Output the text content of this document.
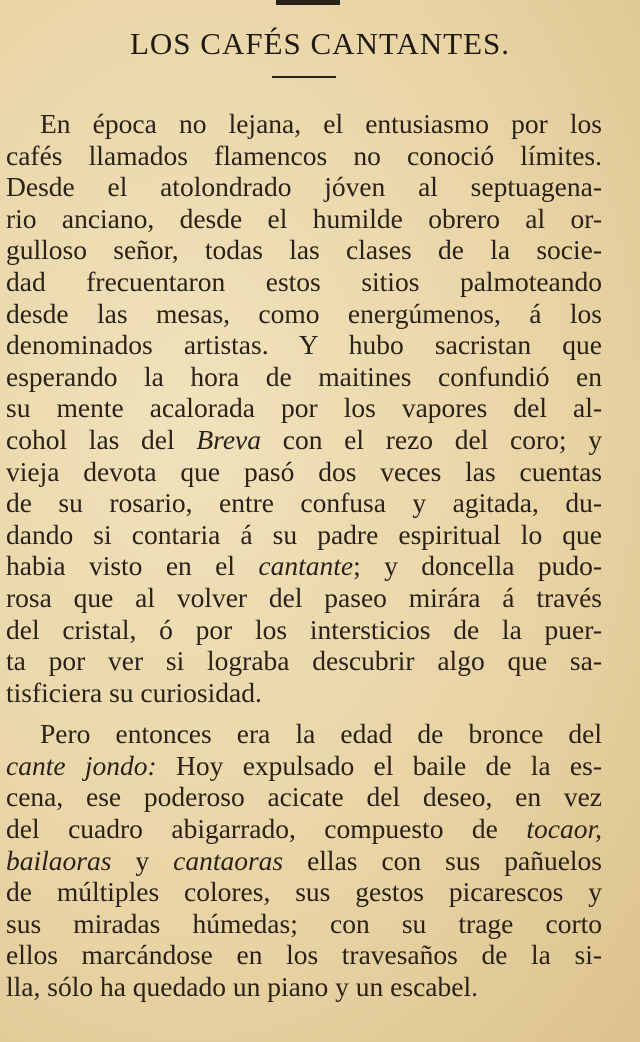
LOS CAFÉS CANTANTES.
En época no lejana, el entusiasmo por los
cafés llamados flamencos no conoció límites.
Desde el atolondrado jóven al septuagena-
rio anciano, desde el humilde obrero al or-
gulloso señor, todas las clases de la socie-
dad frecuentaron estos sitios palmoteando
desde las mesas, como energúmenos, á los
denominados artistas. Y hubo sacristan que
esperando la hora de maitines confundió en
su mente acalorada por los vapores del al-
cohol las del Breva con el rezo del coro; y
vieja devota que pasó dos veces las cuentas
de su rosario, entre confusa y agitada, du-
dando si contaria á su padre espiritual lo que
habia visto en el cantante; y doncella pudo-
rosa que al volver del paseo mirára á través
del cristal, ó por los intersticios de la puer-
ta por ver si lograba descubrir algo que sa-
tisficiera su curiosidad.
Pero entonces era la edad de bronce del
cante jondo: Hoy expulsado el baile de la es-
cena, ese poderoso acicate del deseo, en vez
del cuadro abigarrado, compuesto de tocaor,
bailaoras y cantaoras ellas con sus pañuelos
de múltiples colores, sus gestos picarescos y
sus miradas húmedas; con su trage corto
ellos marcándose en los travesaños de la si-
lla, sólo ha quedado un piano y un escabel.
